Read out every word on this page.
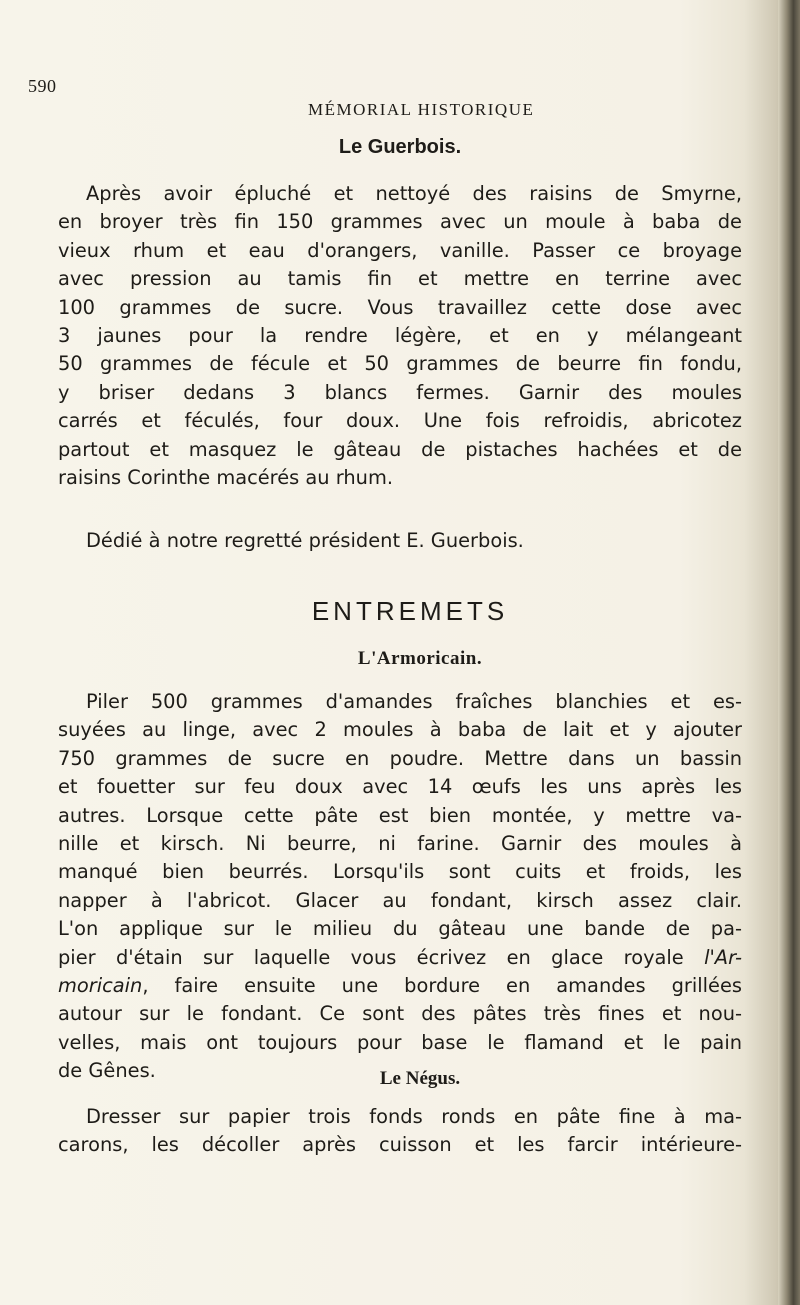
590
MÉMORIAL HISTORIQUE
Le Guerbois.

Après avoir épluché et nettoyé des raisins de Smyrne,
en broyer très fin 150 grammes avec un moule à baba de
vieux rhum et eau d'orangers, vanille. Passer ce broyage
avec pression au tamis fin et mettre en terrine avec
100 grammes de sucre. Vous travaillez cette dose avec
3 jaunes pour la rendre légère, et en y mélangeant
50 grammes de fécule et 50 grammes de beurre fin fondu,
y briser dedans 3 blancs fermes. Garnir des moules
carrés et féculés, four doux. Une fois refroidis, abricotez
partout et masquez le gâteau de pistaches hachées et de
raisins Corinthe macérés au rhum.

Dédié à notre regretté président E. Guerbois.

ENTREMETS
L'Armoricain.

Piler 500 grammes d'amandes fraîches blanchies et es-
suyées au linge, avec 2 moules à baba de lait et y ajouter
750 grammes de sucre en poudre. Mettre dans un bassin
et fouetter sur feu doux avec 14 œufs les uns après les
autres. Lorsque cette pâte est bien montée, y mettre va-
nille et kirsch. Ni beurre, ni farine. Garnir des moules à
manqué bien beurrés. Lorsqu'ils sont cuits et froids, les
napper à l'abricot. Glacer au fondant, kirsch assez clair.
L'on applique sur le milieu du gâteau une bande de pa-
pier d'étain sur laquelle vous écrivez en glace royale l'Ar-
moricain, faire ensuite une bordure en amandes grillées
autour sur le fondant. Ce sont des pâtes très fines et nou-
velles, mais ont toujours pour base le flamand et le pain
de Gênes.	Le Négus.

Dresser sur papier trois fonds ronds en pâte fine à ma-
carons, les décoller après cuisson et les farcir intérieure-
